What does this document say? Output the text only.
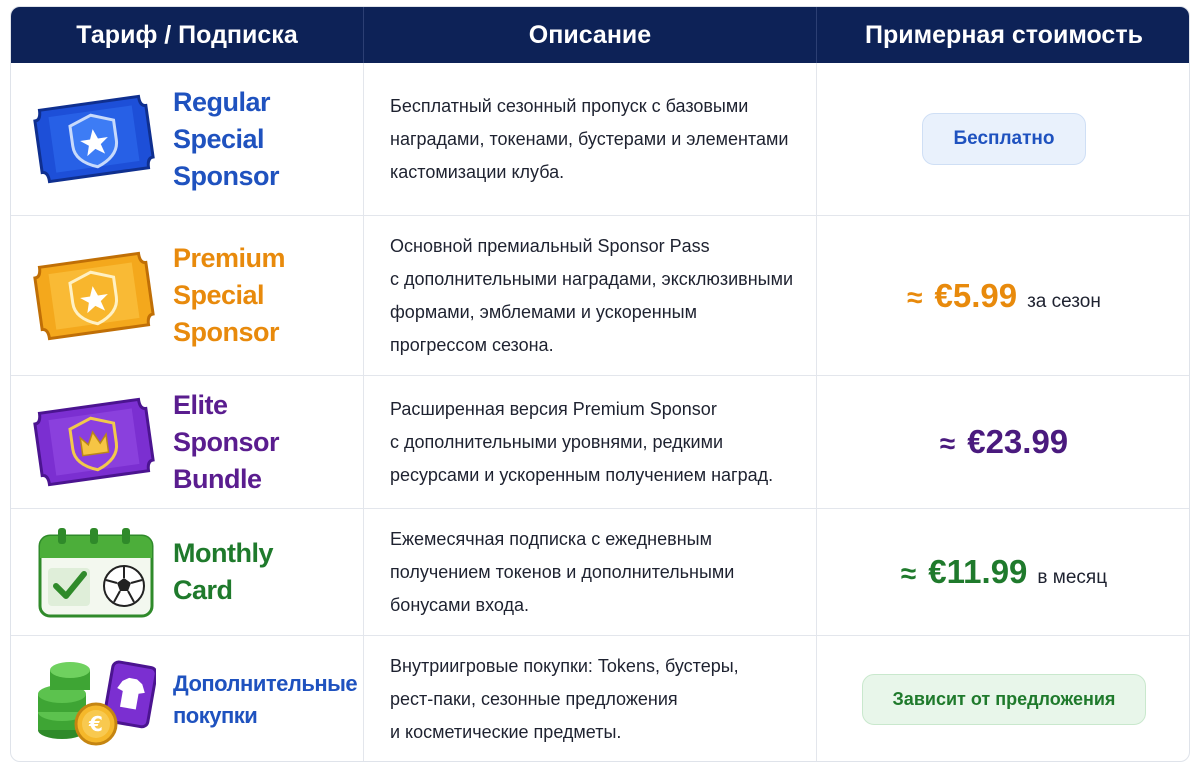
Тариф / Подписка	Описание	Примерная стоимость
Regular
Special Sponsor
Бесплатный сезонный пропуск с базовыми
наградами, токенами, бустерами и элементами
кастомизации клуба.
Бесплатно
Premium
Special Sponsor
Основной премиальный Sponsor Pass
с дополнительными наградами, эксклюзивными
формами, эмблемами и ускоренным
прогрессом сезона.
≈ €5.99 за сезон
Elite
Sponsor Bundle
Расширенная версия Premium Sponsor
с дополнительными уровнями, редкими
ресурсами и ускоренным получением наград.
≈ €23.99
Monthly
Card
Ежемесячная подписка с ежедневным
получением токенов и дополнительными
бонусами входа.
≈ €11.99 в месяц
€
Дополнительные
покупки
Внутриигровые покупки: Tokens, бустеры,
рест-паки, сезонные предложения
и косметические предметы.
Зависит от предложения
